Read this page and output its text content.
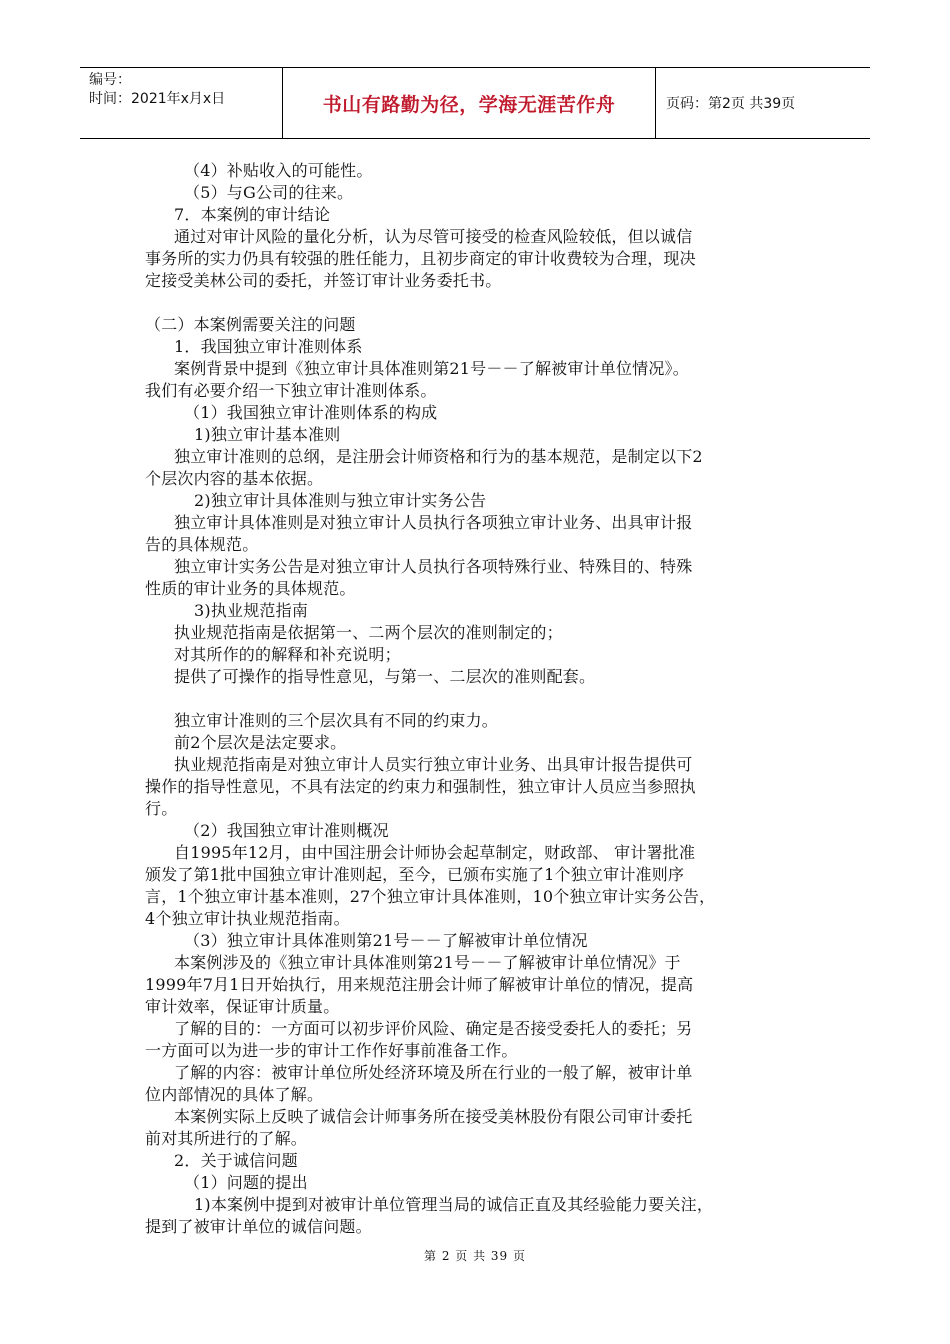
编号：
时间：2021年x月x日	书山有路勤为径，学海无涯苦作舟	页码：第2页 共39页
（4）补贴收入的可能性。
（5）与G公司的往来。
7．本案例的审计结论
通过对审计风险的量化分析，认为尽管可接受的检查风险较低，但以诚信
事务所的实力仍具有较强的胜任能力，且初步商定的审计收费较为合理，现决
定接受美林公司的委托，并签订审计业务委托书。
（二）本案例需要关注的问题
1．我国独立审计准则体系
案例背景中提到《独立审计具体准则第21号－－了解被审计单位情况》。
我们有必要介绍一下独立审计准则体系。
（1）我国独立审计准则体系的构成
1)独立审计基本准则
独立审计准则的总纲，是注册会计师资格和行为的基本规范，是制定以下2
个层次内容的基本依据。
2)独立审计具体准则与独立审计实务公告
独立审计具体准则是对独立审计人员执行各项独立审计业务、出具审计报
告的具体规范。
独立审计实务公告是对独立审计人员执行各项特殊行业、特殊目的、特殊
性质的审计业务的具体规范。
3)执业规范指南
执业规范指南是依据第一、二两个层次的准则制定的；
对其所作的的解释和补充说明；
提供了可操作的指导性意见，与第一、二层次的准则配套。
独立审计准则的三个层次具有不同的约束力。
前2个层次是法定要求。
执业规范指南是对独立审计人员实行独立审计业务、出具审计报告提供可
操作的指导性意见，不具有法定的约束力和强制性，独立审计人员应当参照执
行。
（2）我国独立审计准则概况
自1995年12月，由中国注册会计师协会起草制定，财政部、 审计署批准
颁发了第1批中国独立审计准则起，至今，已颁布实施了1个独立审计准则序
言，1个独立审计基本准则，27个独立审计具体准则，10个独立审计实务公告，
4个独立审计执业规范指南。
（3）独立审计具体准则第21号－－了解被审计单位情况
本案例涉及的《独立审计具体准则第21号－－了解被审计单位情况》于
1999年7月1日开始执行，用来规范注册会计师了解被审计单位的情况，提高
审计效率，保证审计质量。
了解的目的：一方面可以初步评价风险、确定是否接受委托人的委托；另
一方面可以为进一步的审计工作作好事前准备工作。
了解的内容：被审计单位所处经济环境及所在行业的一般了解，被审计单
位内部情况的具体了解。
本案例实际上反映了诚信会计师事务所在接受美林股份有限公司审计委托
前对其所进行的了解。
2．关于诚信问题
（1）问题的提出
1)本案例中提到对被审计单位管理当局的诚信正直及其经验能力要关注，
提到了被审计单位的诚信问题。
第 2 页 共 39 页
